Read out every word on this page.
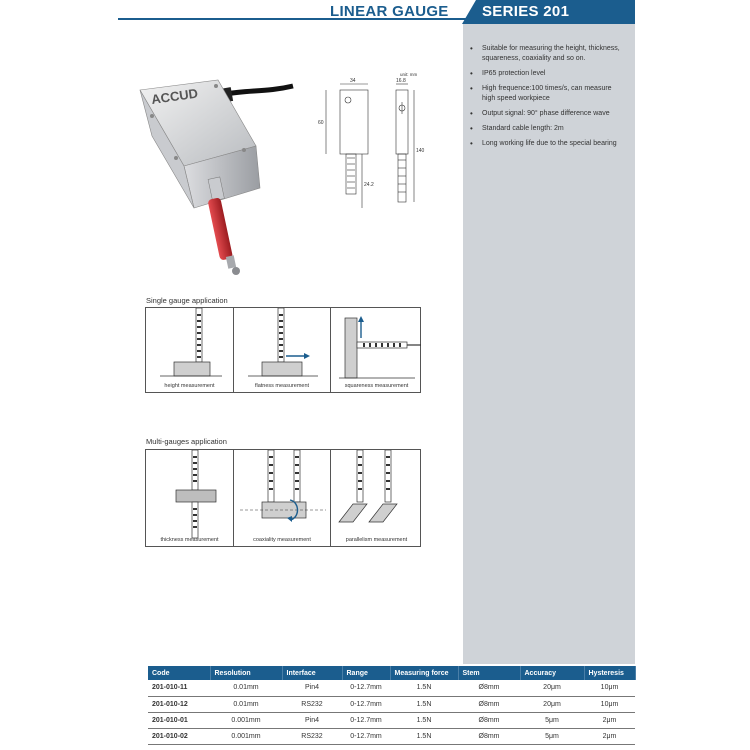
LINEAR GAUGE SERIES 201
• Suitable for measuring the height, thickness,
squareness, coaxiality and so on.
• IP65 protection level
• High frequence:100 times/s, can measure
high speed workpiece
• Output signal: 90° phase difference wave
• Standard cable length: 2m
• Long working life due to the special bearing
ACCUD
unit: mm
34	16.8
60
140
24.2
Single gauge application
height measurement	flatness measurement	squareness measurement
Multi-gauges application
thickness measurement	coaxiality measurement	parallelism measurement
Code	Resolution	Interface	Range	Measuring force	Stem	Accuracy	Hysteresis
201-010-11	0.01mm	Pin4	0-12.7mm	1.5N	Ø8mm	20μm	10μm
201-010-12	0.01mm	RS232	0-12.7mm	1.5N	Ø8mm	20μm	10μm
201-010-01	0.001mm	Pin4	0-12.7mm	1.5N	Ø8mm	5μm	2μm
201-010-02	0.001mm	RS232	0-12.7mm	1.5N	Ø8mm	5μm	2μm
